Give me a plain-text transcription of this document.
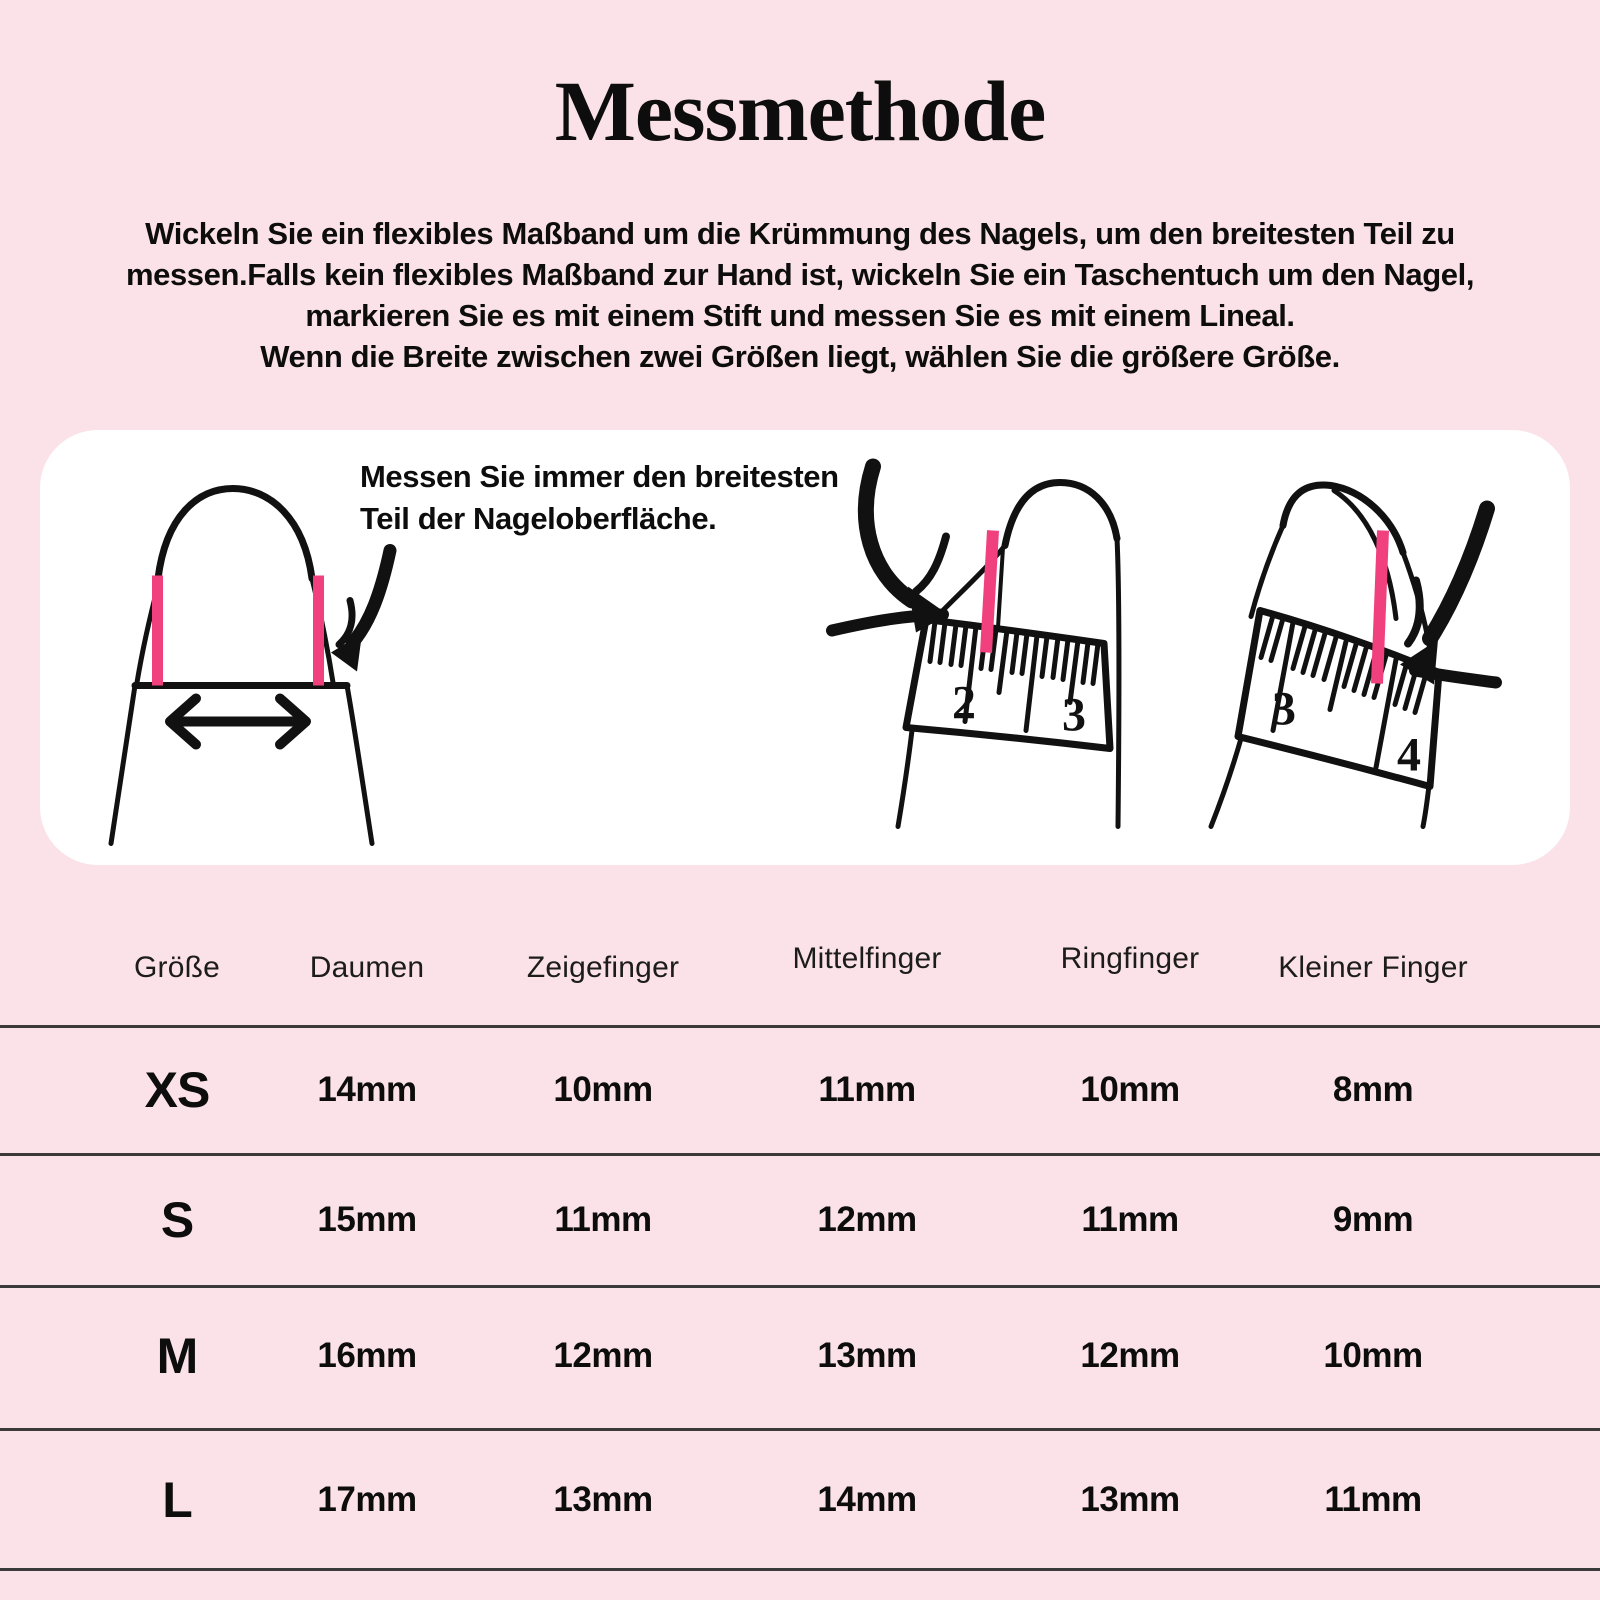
Messmethode
Wickeln Sie ein flexibles Maßband um die Krümmung des Nagels, um den breitesten Teil zu
messen.Falls kein flexibles Maßband zur Hand ist, wickeln Sie ein Taschentuch um den Nagel,
markieren Sie es mit einem Stift und messen Sie es mit einem Lineal.
Wenn die Breite zwischen zwei Größen liegt, wählen Sie die größere Größe.
2 3	3
4
Messen Sie immer den breitesten
Teil der Nageloberfläche.
Größe	Daumen	Zeigefinger	Mittelfinger	Ringfinger	Kleiner Finger
XS	14mm	10mm	11mm	10mm	8mm
S	15mm	11mm	12mm	11mm	9mm
M	16mm	12mm	13mm	12mm	10mm
L	17mm	13mm	14mm	13mm	11mm
